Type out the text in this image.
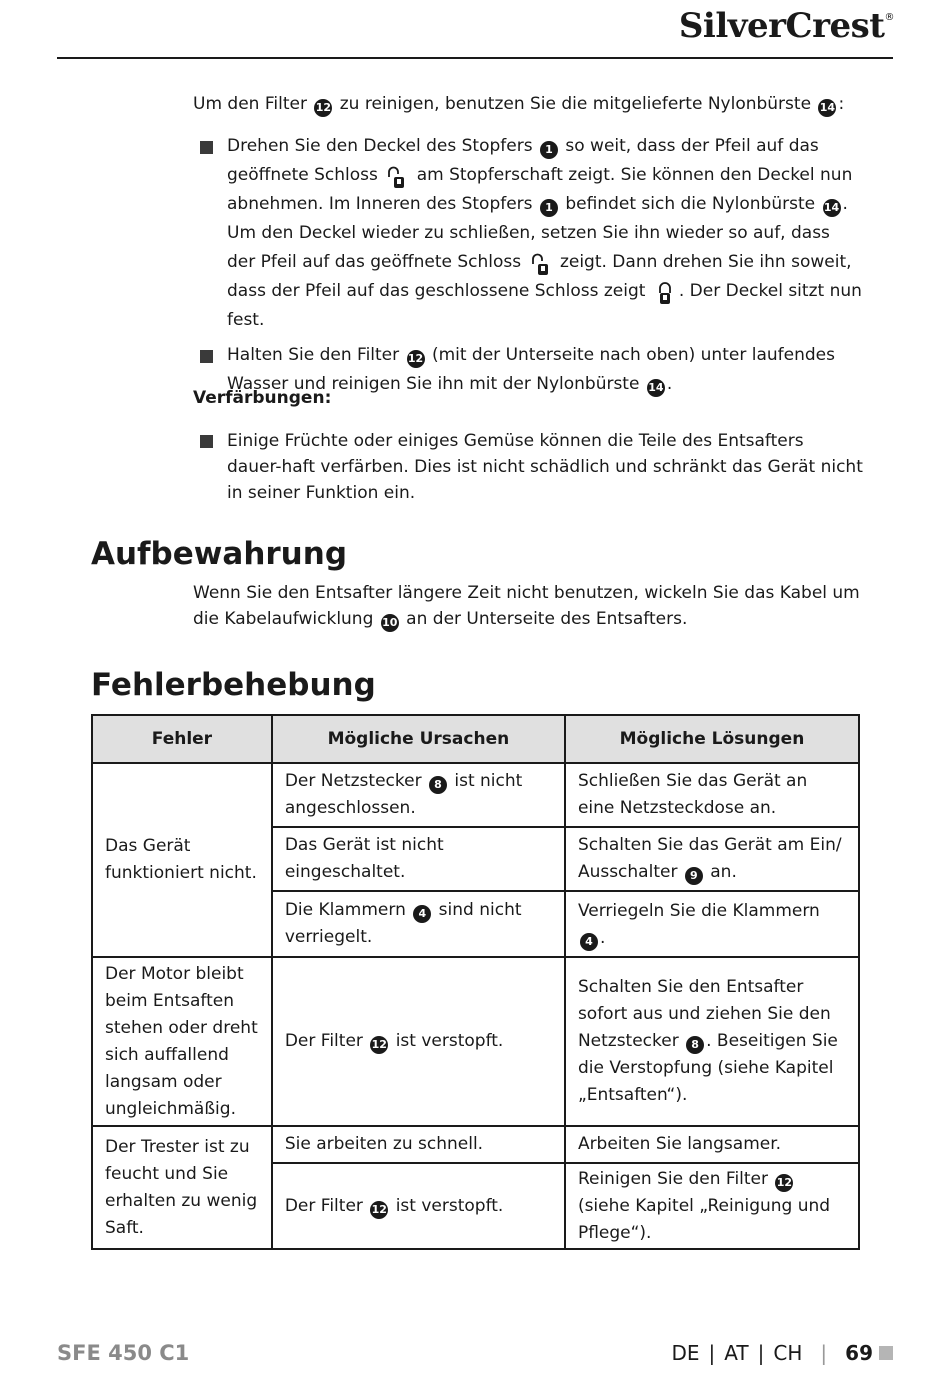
SilverCrest®
Um den Filter 12 zu reinigen, benutzen Sie die mitgelieferte Nylonbürste 14 :

Drehen Sie den Deckel des Stopfers 1 so weit, dass der Pfeil auf das geöffnete Schloss am Stopferschaft zeigt. Sie können den Deckel nun abnehmen. Im Inneren des Stopfers 1 befindet sich die Nylonbürste 14 . Um den Deckel wieder zu schließen, setzen Sie ihn wieder so auf, dass der Pfeil auf das geöffnete Schloss zeigt. Dann drehen Sie ihn soweit, dass der Pfeil auf das geschlossene Schloss zeigt . Der Deckel sitzt nun fest.

Halten Sie den Filter 12 (mit der Unterseite nach oben) unter laufendes Wasser und reinigen Sie ihn mit der Nylonbürste 14 .

Verfärbungen:

Einige Früchte oder einiges Gemüse können die Teile des Entsafters dauer-haft verfärben. Dies ist nicht schädlich und schränkt das Gerät nicht in seiner Funktion ein.

Aufbewahrung
Wenn Sie den Entsafter längere Zeit nicht benutzen, wickeln Sie das Kabel um die Kabelaufwicklung 10 an der Unterseite des Entsafters.
Fehlerbehebung
Fehler	Mögliche Ursachen	Mögliche Lösungen
Das Gerät funktioniert nicht.	Der Netzstecker 8 ist nicht angeschlossen.	Schließen Sie das Gerät an eine Netzsteckdose an.
	Das Gerät ist nicht eingeschaltet.	Schalten Sie das Gerät am Ein/ Ausschalter 9 an.
	Die Klammern 4 sind nicht verriegelt.	Verriegeln Sie die Klammern 4 .
Der Motor bleibt beim Entsaften stehen oder dreht sich auffallend langsam oder ungleichmäßig.	Der Filter 12 ist verstopft.	Schalten Sie den Entsafter sofort aus und ziehen Sie den Netzstecker 8 . Beseitigen Sie die Verstopfung (siehe Kapitel „Entsaften“).
Der Trester ist zu feucht und Sie erhalten zu wenig Saft.	Sie arbeiten zu schnell.	Arbeiten Sie langsamer.
	Der Filter 12 ist verstopft.	Reinigen Sie den Filter 12 (siehe Kapitel „Reinigung und Pflege“).
SFE 450 C1	DE | AT | CH | 69
